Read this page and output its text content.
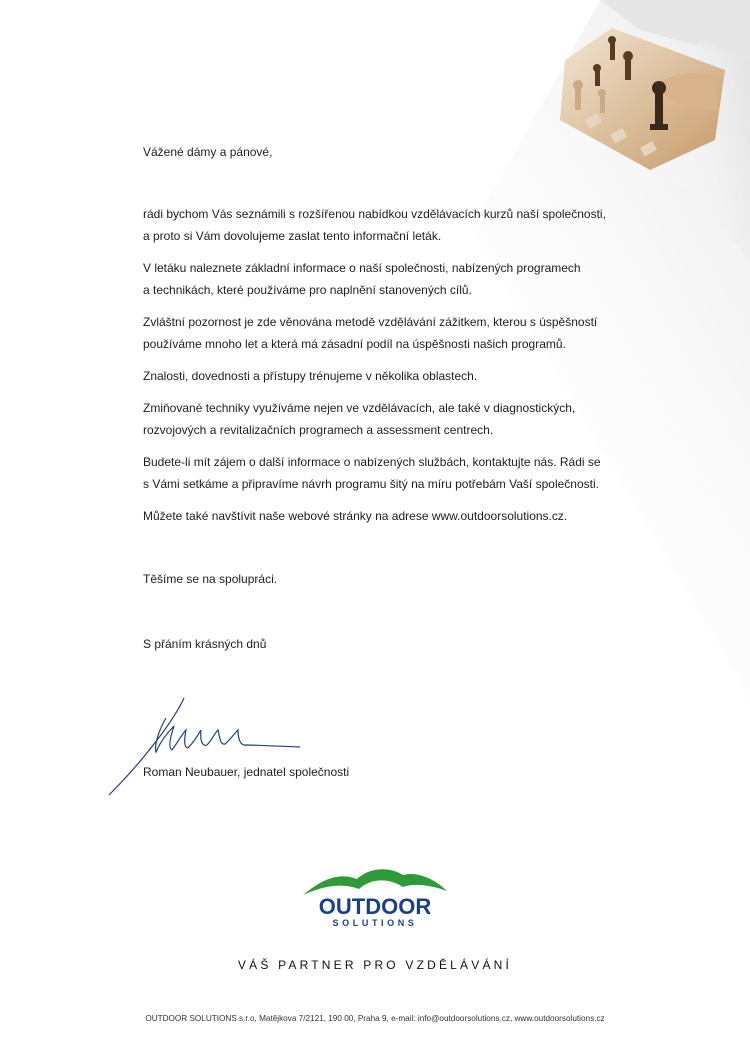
Vážené dámy a pánové,

rádi bychom Vás seznámili s rozšířenou nabídkou vzdělávacích kurzů naší společnosti,
a proto si Vám dovolujeme zaslat tento informační leták.

V letáku naleznete základní informace o naší společnosti, nabízených programech
a technikách, které používáme pro naplnění stanovených cílů.

Zvláštní pozornost je zde věnována metodě vzdělávání zážitkem, kterou s úspěšností
používáme mnoho let a která má zásadní podíl na úspěšnosti našich programů.

Znalosti, dovednosti a přístupy trénujeme v několika oblastech.

Zmiňované techniky využíváme nejen ve vzdělávacích, ale také v diagnostických,
rozvojových a revitalizačních programech a assessment centrech.

Budete-li mít zájem o další informace o nabízených službách, kontaktujte nás. Rádi se
s Vámi setkáme a připravíme návrh programu šitý na míru potřebám Vaší společnosti.

Můžete také navštívit naše webové stránky na adrese www.outdoorsolutions.cz.

Těšíme se na spolupráci.

S přáním krásných dnů

Roman Neubauer, jednatel společnosti

OUTDOOR
SOLUTIONS
VÁŠ PARTNER PRO VZDĚLÁVÁNÍ
OUTDOOR SOLUTIONS s.r.o, Matějkova 7/2121, 190 00, Praha 9, e-mail: info@outdoorsolutions.cz, www.outdoorsolutions.cz
